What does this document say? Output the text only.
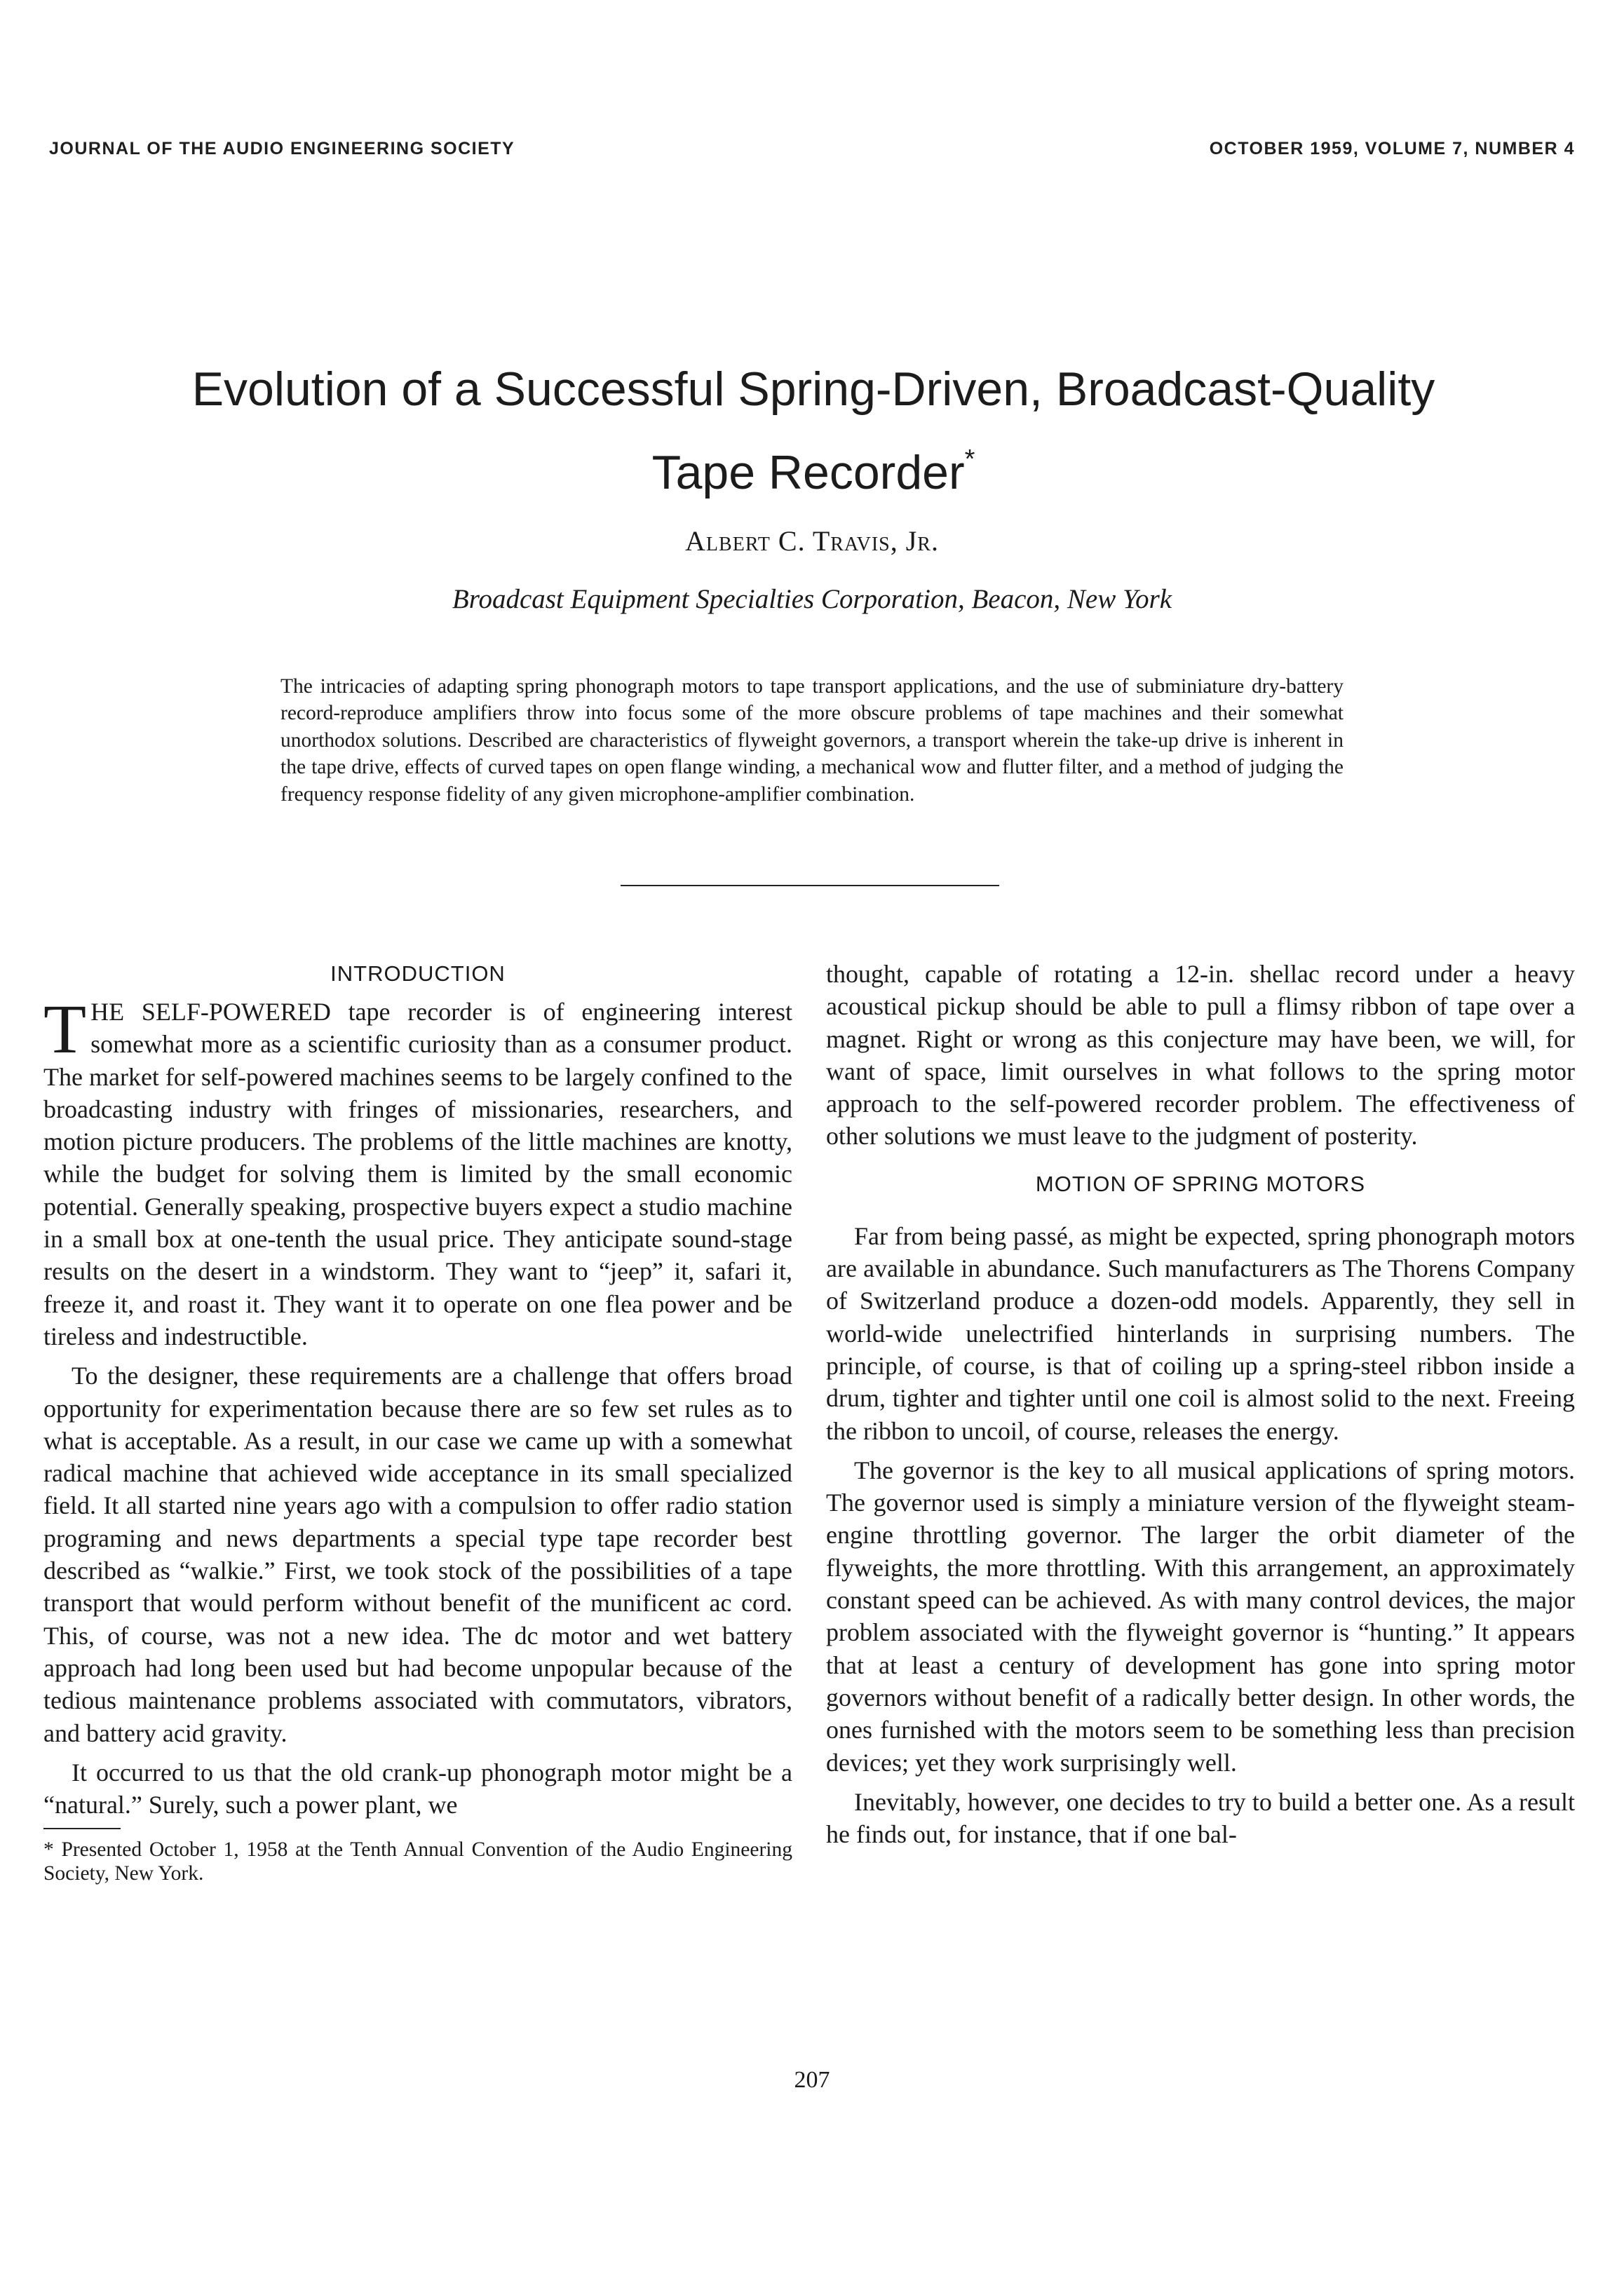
JOURNAL OF THE AUDIO ENGINEERING SOCIETY	OCTOBER 1959, VOLUME 7, NUMBER 4
Evolution of a Successful Spring-Driven, Broadcast-Quality
Tape Recorder*
Albert C. Travis, Jr.
Broadcast Equipment Specialties Corporation, Beacon, New York

The intricacies of adapting spring phonograph motors to tape transport applications, and the use of subminiature dry-battery record-reproduce amplifiers throw into focus some of the more obscure problems of tape machines and their somewhat unorthodox solutions. Described are characteristics of flyweight governors, a transport wherein the take-up drive is inherent in the tape drive, effects of curved tapes on open flange winding, a mechanical wow and flutter filter, and a method of judging the frequency response fidelity of any given microphone-amplifier combination.

INTRODUCTION

THE SELF-POWERED tape recorder is of engineering interest somewhat more as a scientific curiosity than as a consumer product. The market for self-powered machines seems to be largely confined to the broadcasting industry with fringes of missionaries, researchers, and motion picture producers. The problems of the little machines are knotty, while the budget for solving them is limited by the small economic potential. Generally speaking, prospective buyers expect a studio machine in a small box at one-tenth the usual price. They anticipate sound-stage results on the desert in a windstorm. They want to “jeep” it, safari it, freeze it, and roast it. They want it to operate on one flea power and be tireless and indestructible.

To the designer, these requirements are a challenge that offers broad opportunity for experimentation because there are so few set rules as to what is acceptable. As a result, in our case we came up with a somewhat radical machine that achieved wide acceptance in its small specialized field. It all started nine years ago with a compulsion to offer radio station programing and news departments a special type tape recorder best described as “walkie.” First, we took stock of the possibilities of a tape transport that would perform without benefit of the munificent ac cord. This, of course, was not a new idea. The dc motor and wet battery approach had long been used but had become unpopular because of the tedious maintenance problems associated with commutators, vibrators, and battery acid gravity.

It occurred to us that the old crank-up phonograph motor might be a “natural.” Surely, such a power plant, we

* Presented October 1, 1958 at the Tenth Annual Convention of the Audio Engineering Society, New York.

thought, capable of rotating a 12-in. shellac record under a heavy acoustical pickup should be able to pull a flimsy ribbon of tape over a magnet. Right or wrong as this conjecture may have been, we will, for want of space, limit ourselves in what follows to the spring motor approach to the self-powered recorder problem. The effectiveness of other solutions we must leave to the judgment of posterity.

MOTION OF SPRING MOTORS

Far from being passé, as might be expected, spring phonograph motors are available in abundance. Such manufacturers as The Thorens Company of Switzerland produce a dozen-odd models. Apparently, they sell in world-wide unelectrified hinterlands in surprising numbers. The principle, of course, is that of coiling up a spring-steel ribbon inside a drum, tighter and tighter until one coil is almost solid to the next. Freeing the ribbon to uncoil, of course, releases the energy.

The governor is the key to all musical applications of spring motors. The governor used is simply a miniature version of the flyweight steam-engine throttling governor. The larger the orbit diameter of the flyweights, the more throttling. With this arrangement, an approximately constant speed can be achieved. As with many control devices, the major problem associated with the flyweight governor is “hunting.” It appears that at least a century of development has gone into spring motor governors without benefit of a radically better design. In other words, the ones furnished with the motors seem to be something less than precision devices; yet they work surprisingly well.

Inevitably, however, one decides to try to build a better one. As a result he finds out, for instance, that if one bal-

207
